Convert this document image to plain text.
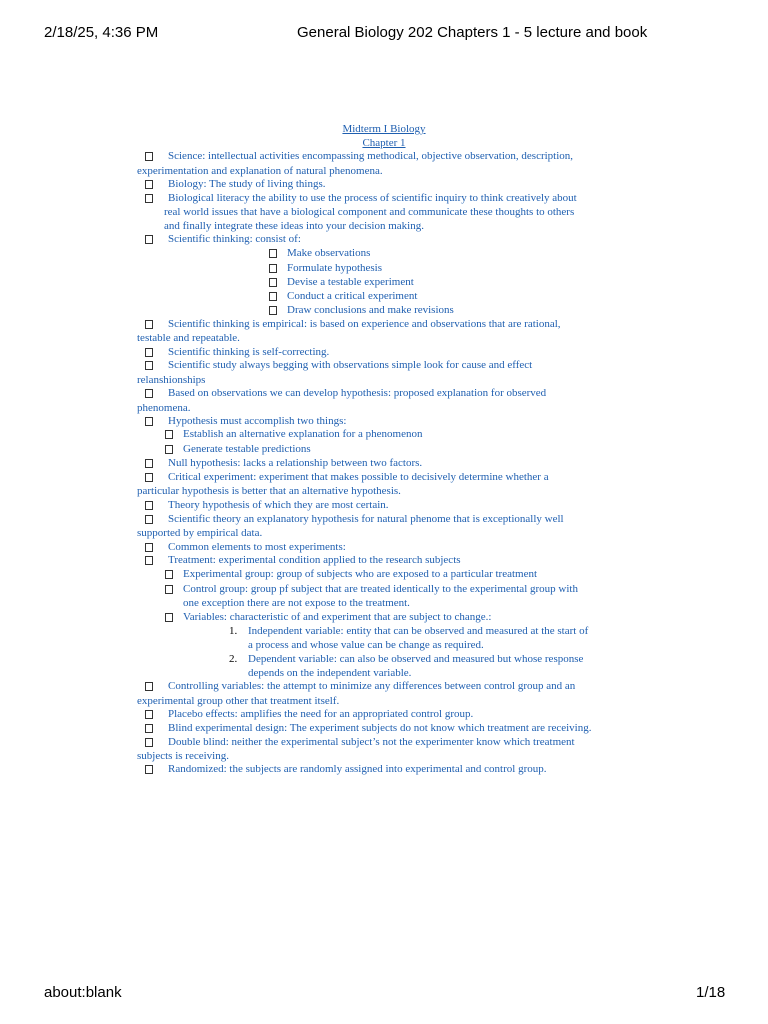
2/18/25, 4:36 PM	General Biology 202 Chapters 1 - 5 lecture and book
Midterm I Biology
Chapter 1
Science: intellectual activities encompassing methodical, objective observation, description,
experimentation and explanation of natural phenomena.
Biology: The study of living things.
Biological literacy the ability to use the process of scientific inquiry to think creatively about
real world issues that have a biological component and communicate these thoughts to others
and finally integrate these ideas into your decision making.
Scientific thinking: consist of:
Make observations
Formulate hypothesis
Devise a testable experiment
Conduct a critical experiment
Draw conclusions and make revisions
Scientific thinking is empirical: is based on experience and observations that are rational,
testable and repeatable.
Scientific thinking is self-correcting.
Scientific study always begging with observations simple look for cause and effect
relanshionships
Based on observations we can develop hypothesis: proposed explanation for observed
phenomena.
Hypothesis must accomplish two things:
Establish an alternative explanation for a phenomenon
Generate testable predictions
Null hypothesis: lacks a relationship between two factors.
Critical experiment: experiment that makes possible to decisively determine whether a
particular hypothesis is better that an alternative hypothesis.
Theory hypothesis of which they are most certain.
Scientific theory an explanatory hypothesis for natural phenome that is exceptionally well
supported by empirical data.
Common elements to most experiments:
Treatment: experimental condition applied to the research subjects
Experimental group: group of subjects who are exposed to a particular treatment
Control group: group pf subject that are treated identically to the experimental group with
one exception there are not expose to the treatment.
Variables: characteristic of and experiment that are subject to change.:
1. Independent variable: entity that can be observed and measured at the start of
a process and whose value can be change as required.
2. Dependent variable: can also be observed and measured but whose response
depends on the independent variable.
Controlling variables: the attempt to minimize any differences between control group and an
experimental group other that treatment itself.
Placebo effects: amplifies the need for an appropriated control group.
Blind experimental design: The experiment subjects do not know which treatment are receiving.
Double blind: neither the experimental subject’s not the experimenter know which treatment
subjects is receiving.
Randomized: the subjects are randomly assigned into experimental and control group.
about:blank	1/18
